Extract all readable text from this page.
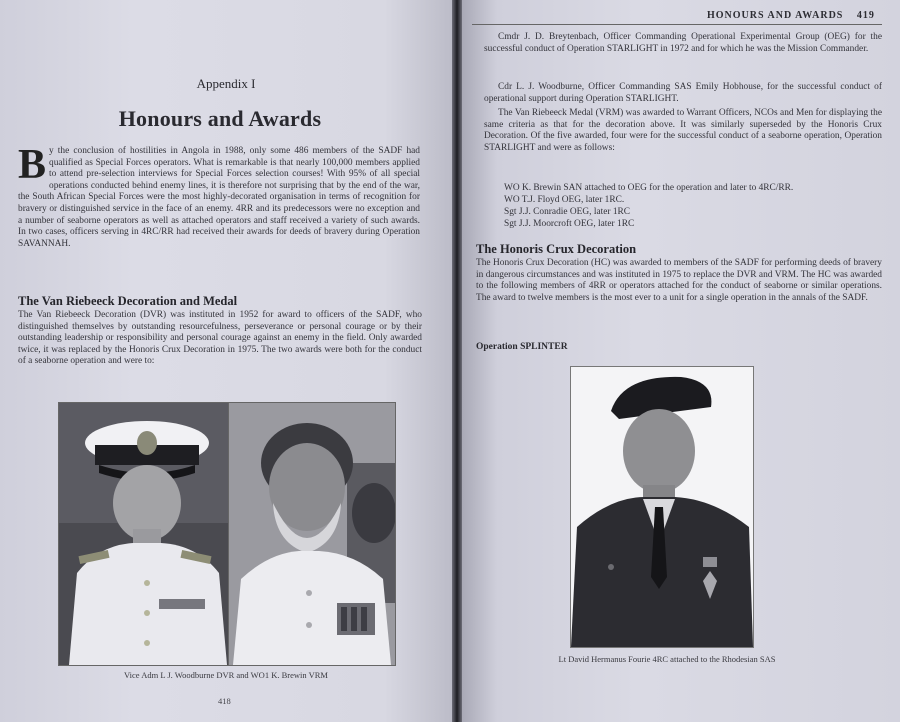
Appendix I
Honours and Awards
By the conclusion of hostilities in Angola in 1988, only some 486 members of the SADF had qualified as Special Forces operators. What is remarkable is that nearly 100,000 members applied to attend pre-selection interviews for Special Forces selection courses! With 95% of all special operations conducted behind enemy lines, it is therefore not surprising that by the end of the war, the South African Special Forces were the most highly-decorated organisation in terms of recognition for bravery or distinguished service in the face of an enemy. 4RR and its predecessors were no exception and a number of seaborne operators as well as attached operators and staff received a variety of such awards. In two cases, officers serving in 4RC/RR had received their awards for deeds of bravery during Operation SAVANNAH.
The Van Riebeeck Decoration and Medal
The Van Riebeeck Decoration (DVR) was instituted in 1952 for award to officers of the SADF, who distinguished themselves by outstanding resourcefulness, perseverance or personal courage or by their outstanding leadership or responsibility and personal courage against an enemy in the field. Only awarded twice, it was replaced by the Honoris Crux Decoration in 1975. The two awards were both for the conduct of a seaborne operation and were to:
Vice Adm L J. Woodburne DVR and WO1 K. Brewin VRM
418
HONOURS AND AWARDS 419
Cmdr J. D. Breytenbach, Officer Commanding Operational Experimental Group (OEG) for the successful conduct of Operation STARLIGHT in 1972 and for which he was the Mission Commander.
Cdr L. J. Woodburne, Officer Commanding SAS Emily Hobhouse, for the successful conduct of operational support during Operation STARLIGHT.
The Van Riebeeck Medal (VRM) was awarded to Warrant Officers, NCOs and Men for displaying the same criteria as that for the decoration above. It was similarly superseded by the Honoris Crux Decoration. Of the five awarded, four were for the successful conduct of a seaborne operation, Operation STARLIGHT and were as follows:
WO K. Brewin SAN attached to OEG for the operation and later to 4RC/RR.
WO T.J. Floyd OEG, later 1RC.
Sgt J.J. Conradie OEG, later 1RC
Sgt J.J. Moorcroft OEG, later 1RC
The Honoris Crux Decoration
The Honoris Crux Decoration (HC) was awarded to members of the SADF for performing deeds of bravery in dangerous circumstances and was instituted in 1975 to replace the DVR and VRM. The HC was awarded to the following members of 4RR or operators attached for the conduct of seaborne or similar operations. The award to twelve members is the most ever to a unit for a single operation in the annals of the SADF.
Operation SPLINTER
Lt David Hermanus Fourie 4RC attached to the Rhodesian SAS
